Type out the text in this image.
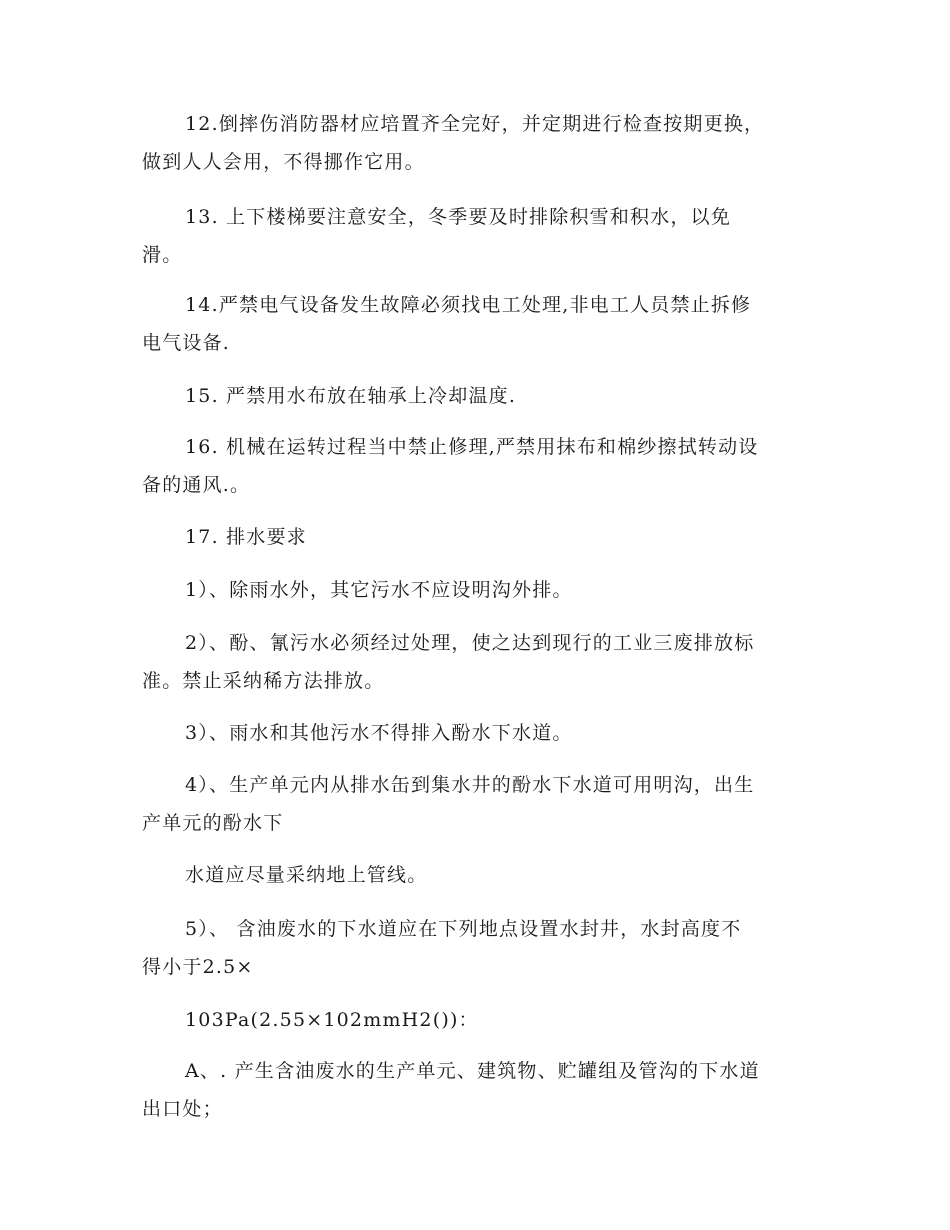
12.倒摔伤消防器材应培置齐全完好，并定期进行检查按期更换，
做到人人会用，不得挪作它用。

13. 上下楼梯要注意安全，冬季要及时排除积雪和积水，以免
滑。

14.严禁电气设备发生故障必须找电工处理,非电工人员禁止拆修
电气设备.

15. 严禁用水布放在轴承上冷却温度.

16. 机械在运转过程当中禁止修理,严禁用抹布和棉纱擦拭转动设
备的通风.。

17. 排水要求

1）、除雨水外，其它污水不应设明沟外排。

2）、酚、氰污水必须经过处理，使之达到现行的工业三废排放标
准。禁止采纳稀方法排放。

3）、雨水和其他污水不得排入酚水下水道。

4）、生产单元内从排水缶到集水井的酚水下水道可用明沟，出生
产单元的酚水下

水道应尽量采纳地上管线。

5）、 含油废水的下水道应在下列地点设置水封井，水封高度不
得小于2.5×

103Pa(2.55×102mmH2())：

A、. 产生含油废水的生产单元、建筑物、贮罐组及管沟的下水道
出口处；
